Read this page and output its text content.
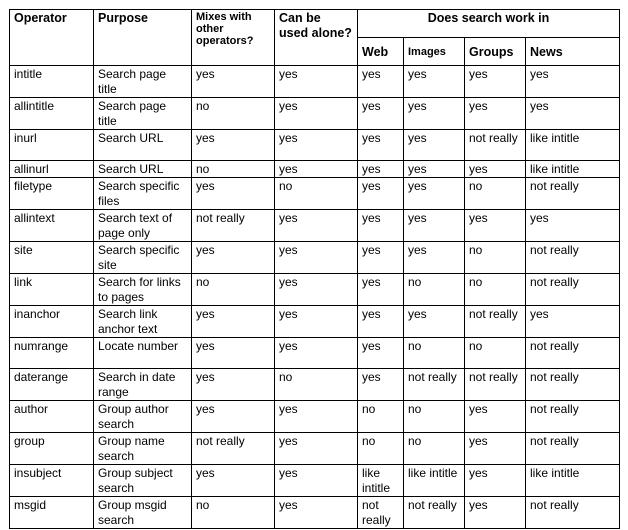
Operator	Purpose	Mixes with other operators?	Can be used alone?	Does search work in			
				Web	Images	Groups	News
intitle	Search page title	yes	yes	yes	yes	yes	yes
allintitle	Search page title	no	yes	yes	yes	yes	yes
inurl	Search URL	yes	yes	yes	yes	not really	like intitle
allinurl	Search URL	no	yes	yes	yes	yes	like intitle
filetype	Search specific files	yes	no	yes	yes	no	not really
allintext	Search text of page only	not really	yes	yes	yes	yes	yes
site	Search specific site	yes	yes	yes	yes	no	not really
link	Search for links to pages	no	yes	yes	no	no	not really
inanchor	Search link anchor text	yes	yes	yes	yes	not really	yes
numrange	Locate number	yes	yes	yes	no	no	not really
daterange	Search in date range	yes	no	yes	not really	not really	not really
author	Group author search	yes	yes	no	no	yes	not really
group	Group name search	not really	yes	no	no	yes	not really
insubject	Group subject search	yes	yes	like intitle	like intitle	yes	like intitle
msgid	Group msgid search	no	yes	not really	not really	yes	not really
